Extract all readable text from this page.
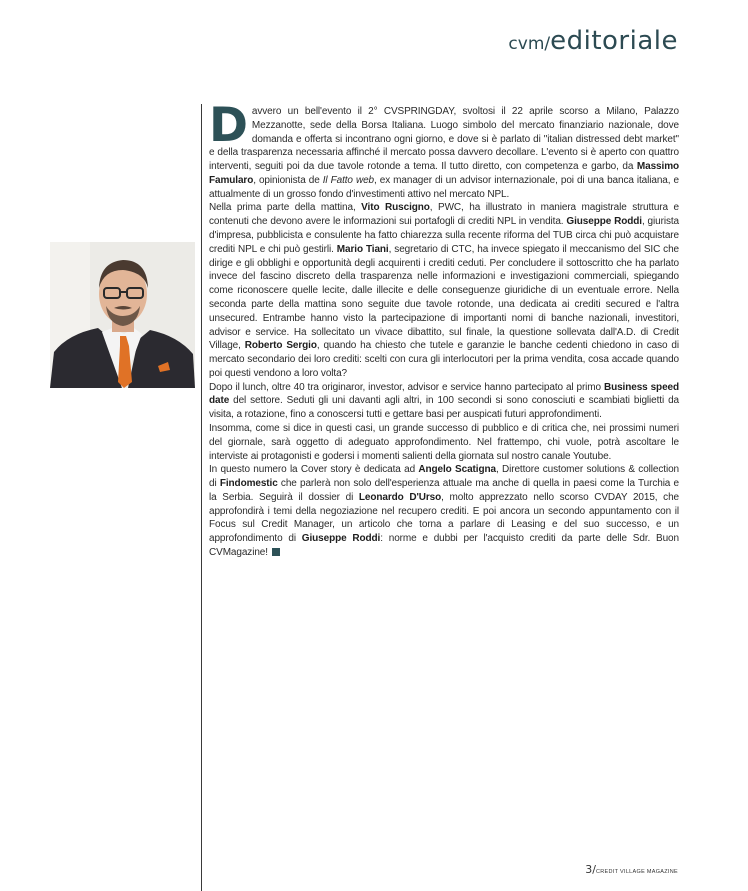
cvm/editoriale

Davvero un bell'evento il 2° CVSPRINGDAY, svoltosi il 22 aprile scorso a Milano, Palazzo Mezzanotte, sede della Borsa Italiana. Luogo simbolo del mercato finanziario nazionale, dove domanda e offerta si incontrano ogni giorno, e dove si è parlato di "italian distressed debt market" e della trasparenza necessaria affinché il mercato possa davvero decollare. L'evento si è aperto con quattro interventi, seguiti poi da due tavole rotonde a tema. Il tutto diretto, con competenza e garbo, da Massimo Famularo, opinionista de Il Fatto web, ex manager di un advisor internazionale, poi di una banca italiana, e attualmente di un grosso fondo d'investimenti attivo nel mercato NPL.

Nella prima parte della mattina, Vito Ruscigno, PWC, ha illustrato in maniera magistrale struttura e contenuti che devono avere le informazioni sui portafogli di crediti NPL in vendita. Giuseppe Roddi, giurista d'impresa, pubblicista e consulente ha fatto chiarezza sulla recente riforma del TUB circa chi può acquistare crediti NPL e chi può gestirli. Mario Tiani, segretario di CTC, ha invece spiegato il meccanismo del SIC che dirige e gli obblighi e opportunità degli acquirenti i crediti ceduti. Per concludere il sottoscritto che ha parlato invece del fascino discreto della trasparenza nelle informazioni e investigazioni commerciali, spiegando come riconoscere quelle lecite, dalle illecite e delle conseguenze giuridiche di un eventuale errore. Nella seconda parte della mattina sono seguite due tavole rotonde, una dedicata ai crediti secured e l'altra unsecured. Entrambe hanno visto la partecipazione di importanti nomi di banche nazionali, investitori, advisor e service. Ha sollecitato un vivace dibattito, sul finale, la questione sollevata dall'A.D. di Credit Village, Roberto Sergio, quando ha chiesto che tutele e garanzie le banche cedenti chiedono in caso di mercato secondario dei loro crediti: scelti con cura gli interlocutori per la prima vendita, cosa accade quando poi questi vendono a loro volta?

Dopo il lunch, oltre 40 tra originaror, investor, advisor e service hanno partecipato al primo Business speed date del settore. Seduti gli uni davanti agli altri, in 100 secondi si sono conosciuti e scambiati biglietti da visita, a rotazione, fino a conoscersi tutti e gettare basi per auspicati futuri approfondimenti.

Insomma, come si dice in questi casi, un grande successo di pubblico e di critica che, nei prossimi numeri del giornale, sarà oggetto di adeguato approfondimento. Nel frattempo, chi vuole, potrà ascoltare le interviste ai protagonisti e godersi i momenti salienti della giornata sul nostro canale Youtube.

In questo numero la Cover story è dedicata ad Angelo Scatigna, Direttore customer solutions & collection di Findomestic che parlerà non solo dell'esperienza attuale ma anche di quella in paesi come la Turchia e la Serbia. Seguirà il dossier di Leonardo D'Urso, molto apprezzato nello scorso CVDAY 2015, che approfondirà i temi della negoziazione nel recupero crediti. E poi ancora un secondo appuntamento con il Focus sul Credit Manager, un articolo che torna a parlare di Leasing e del suo successo, e un approfondimento di Giuseppe Roddi: norme e dubbi per l'acquisto crediti da parte delle Sdr. Buon CVMagazine!

3/CREDIT VILLAGE MAGAZINE
